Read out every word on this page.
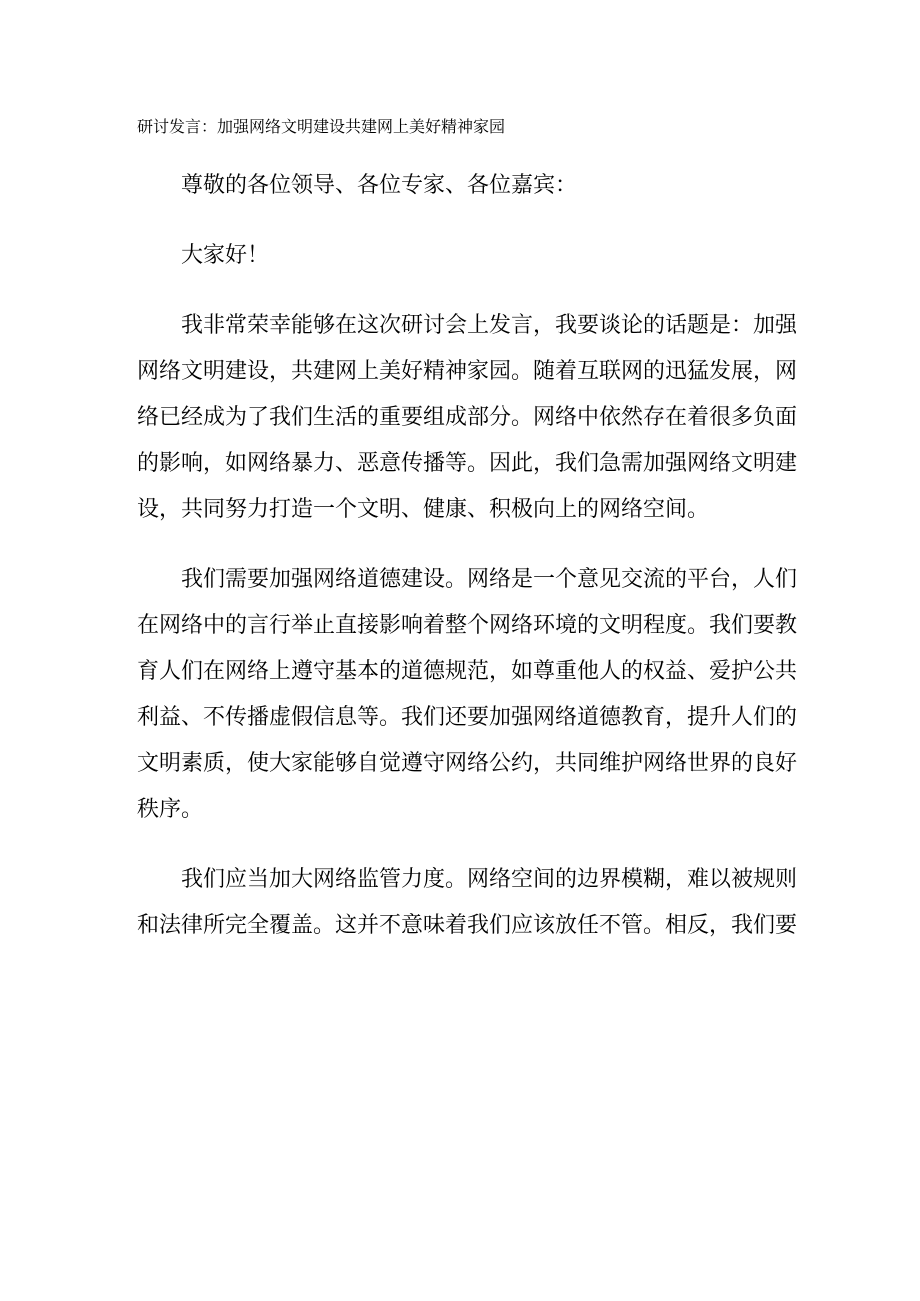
研讨发言：加强网络文明建设共建网上美好精神家园

尊敬的各位领导、各位专家、各位嘉宾：

大家好！

我非常荣幸能够在这次研讨会上发言，我要谈论的话题是：加强网络文明建设，共建网上美好精神家园。随着互联网的迅猛发展，网络已经成为了我们生活的重要组成部分。网络中依然存在着很多负面的影响，如网络暴力、恶意传播等。因此，我们急需加强网络文明建设，共同努力打造一个文明、健康、积极向上的网络空间。

我们需要加强网络道德建设。网络是一个意见交流的平台，人们在网络中的言行举止直接影响着整个网络环境的文明程度。我们要教育人们在网络上遵守基本的道德规范，如尊重他人的权益、爱护公共利益、不传播虚假信息等。我们还要加强网络道德教育，提升人们的文明素质，使大家能够自觉遵守网络公约，共同维护网络世界的良好秩序。

我们应当加大网络监管力度。网络空间的边界模糊，难以被规则和法律所完全覆盖。这并不意味着我们应该放任不管。相反，我们要
